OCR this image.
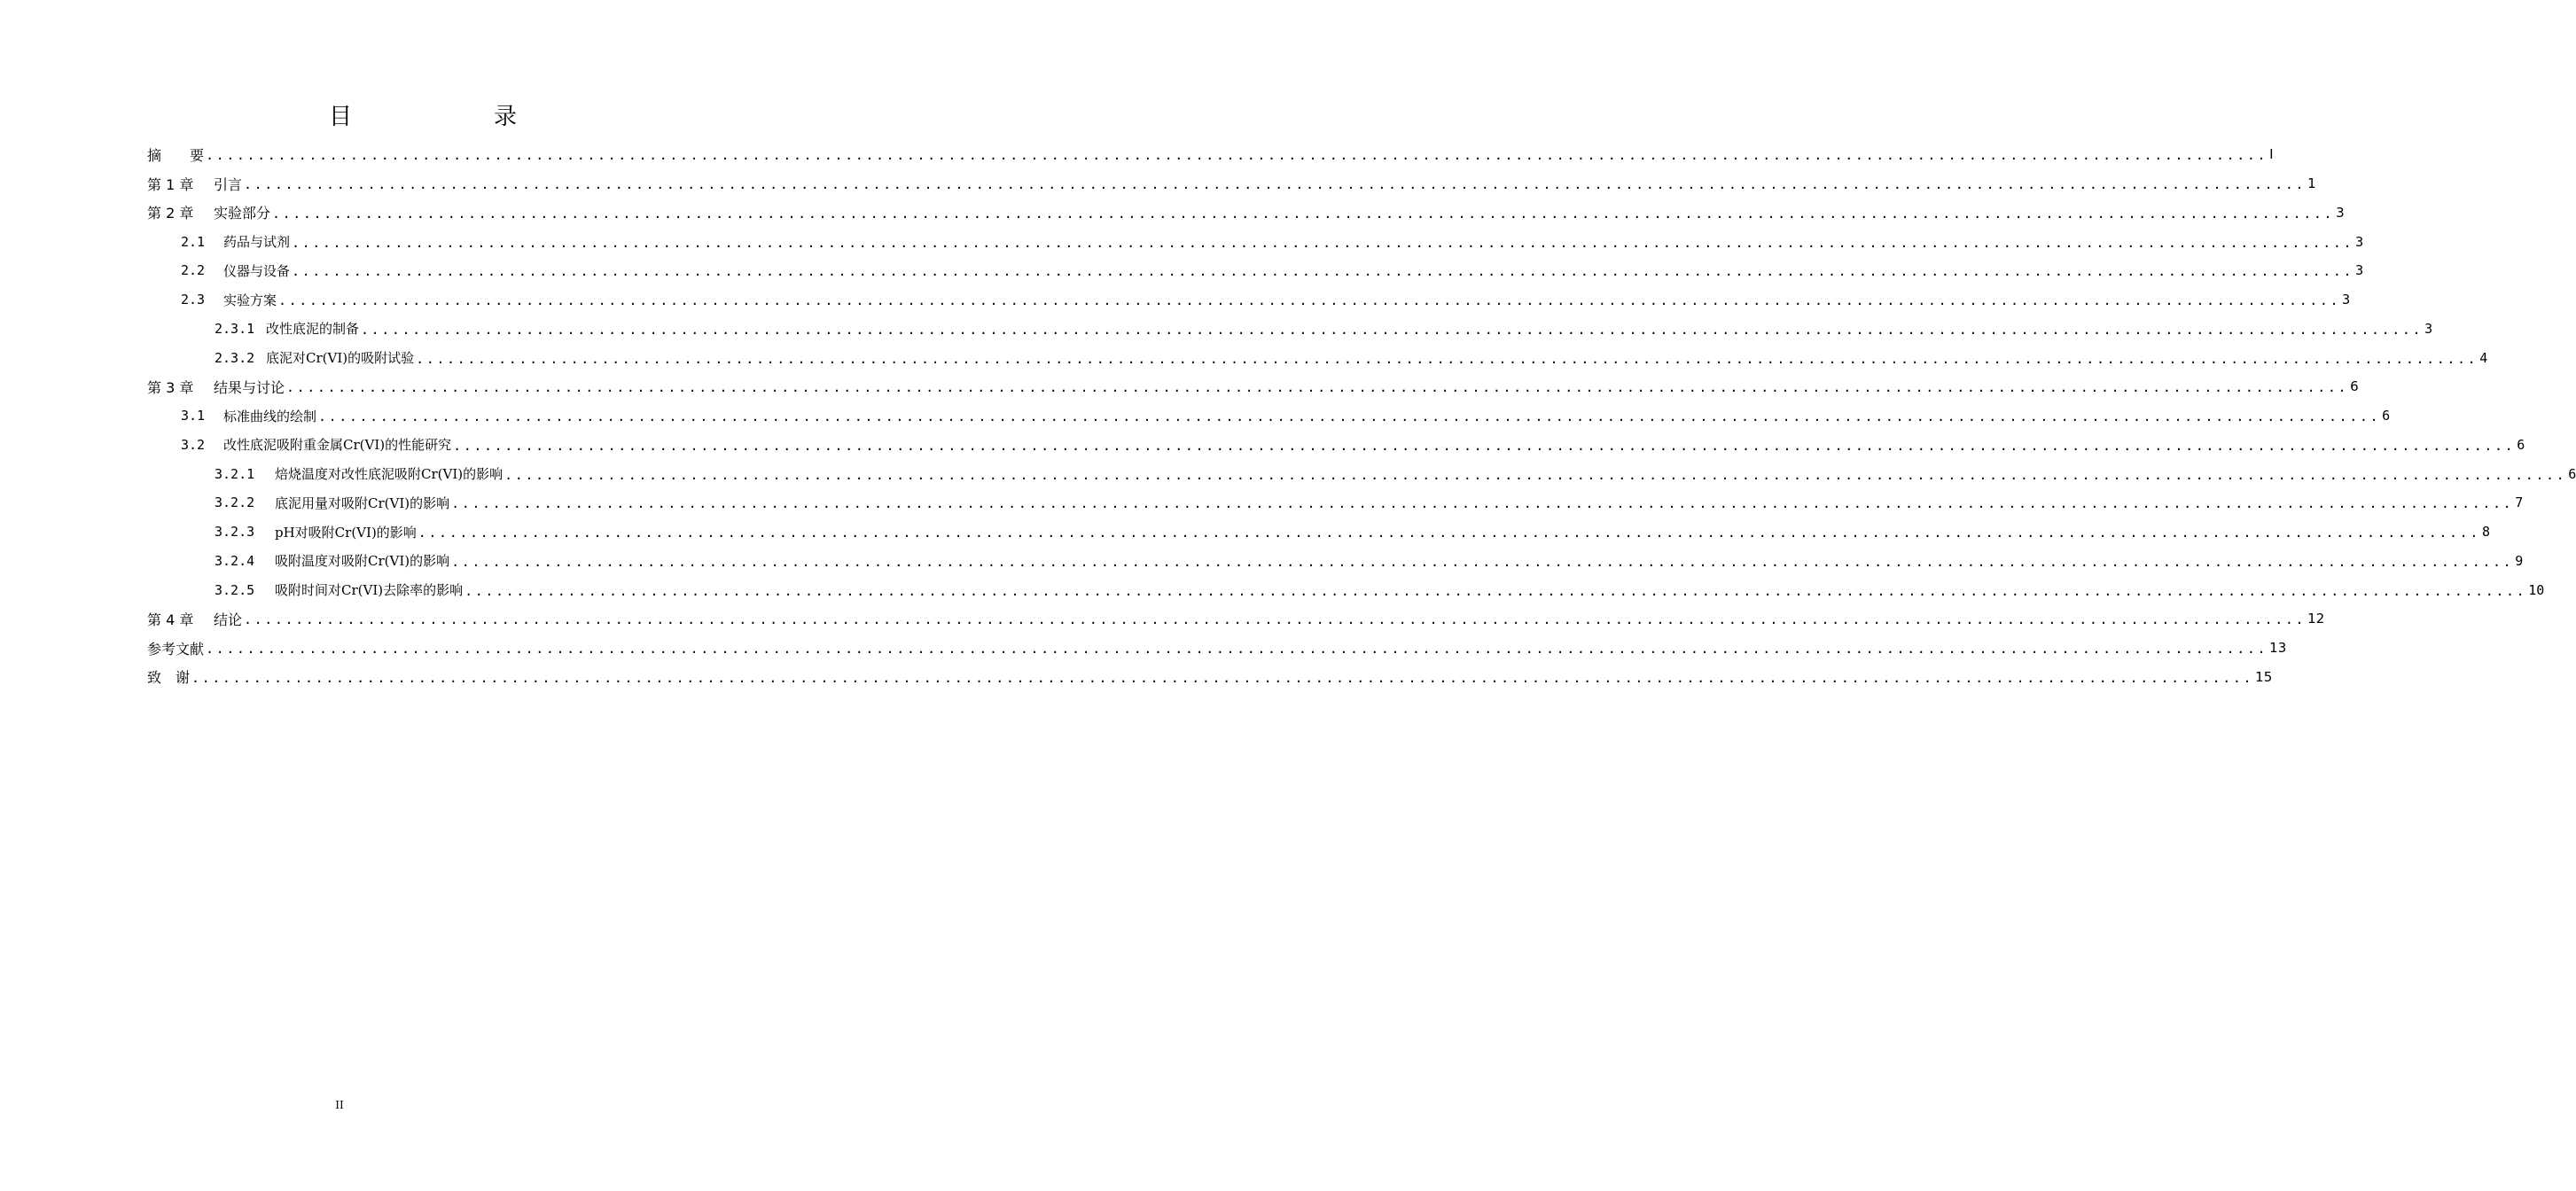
目　　录
摘　　要 ........................................................................................................................................................................................................ I
第 1 章	引言 ........................................................................................................................................................................................................ 1
第 2 章	实验部分 ........................................................................................................................................................................................................ 3
2.1	药品与试剂 ........................................................................................................................................................................................................ 3
2.2	仪器与设备 ........................................................................................................................................................................................................ 3
2.3	实验方案 ........................................................................................................................................................................................................ 3
2.3.1 改性底泥的制备 ........................................................................................................................................................................................................ 3
2.3.2 底泥对Cr(VI)的吸附试验 ........................................................................................................................................................................................................ 4
第 3 章	结果与讨论 ........................................................................................................................................................................................................ 6
3.1	标准曲线的绘制 ........................................................................................................................................................................................................ 6
3.2	改性底泥吸附重金属Cr(VI)的性能研究 ........................................................................................................................................................................................................ 6
3.2.1	焙烧温度对改性底泥吸附Cr(VI)的影响 ........................................................................................................................................................................................................ 6
3.2.2	底泥用量对吸附Cr(VI)的影响 ........................................................................................................................................................................................................ 7
3.2.3	pH对吸附Cr(VI)的影响 ........................................................................................................................................................................................................ 8
3.2.4	吸附温度对吸附Cr(VI)的影响 ........................................................................................................................................................................................................ 9
3.2.5	吸附时间对Cr(VI)去除率的影响 ........................................................................................................................................................................................................ 10
第 4 章	结论 ........................................................................................................................................................................................................ 12
参考文献 ........................................................................................................................................................................................................ 13
致　谢 ........................................................................................................................................................................................................ 15
II
